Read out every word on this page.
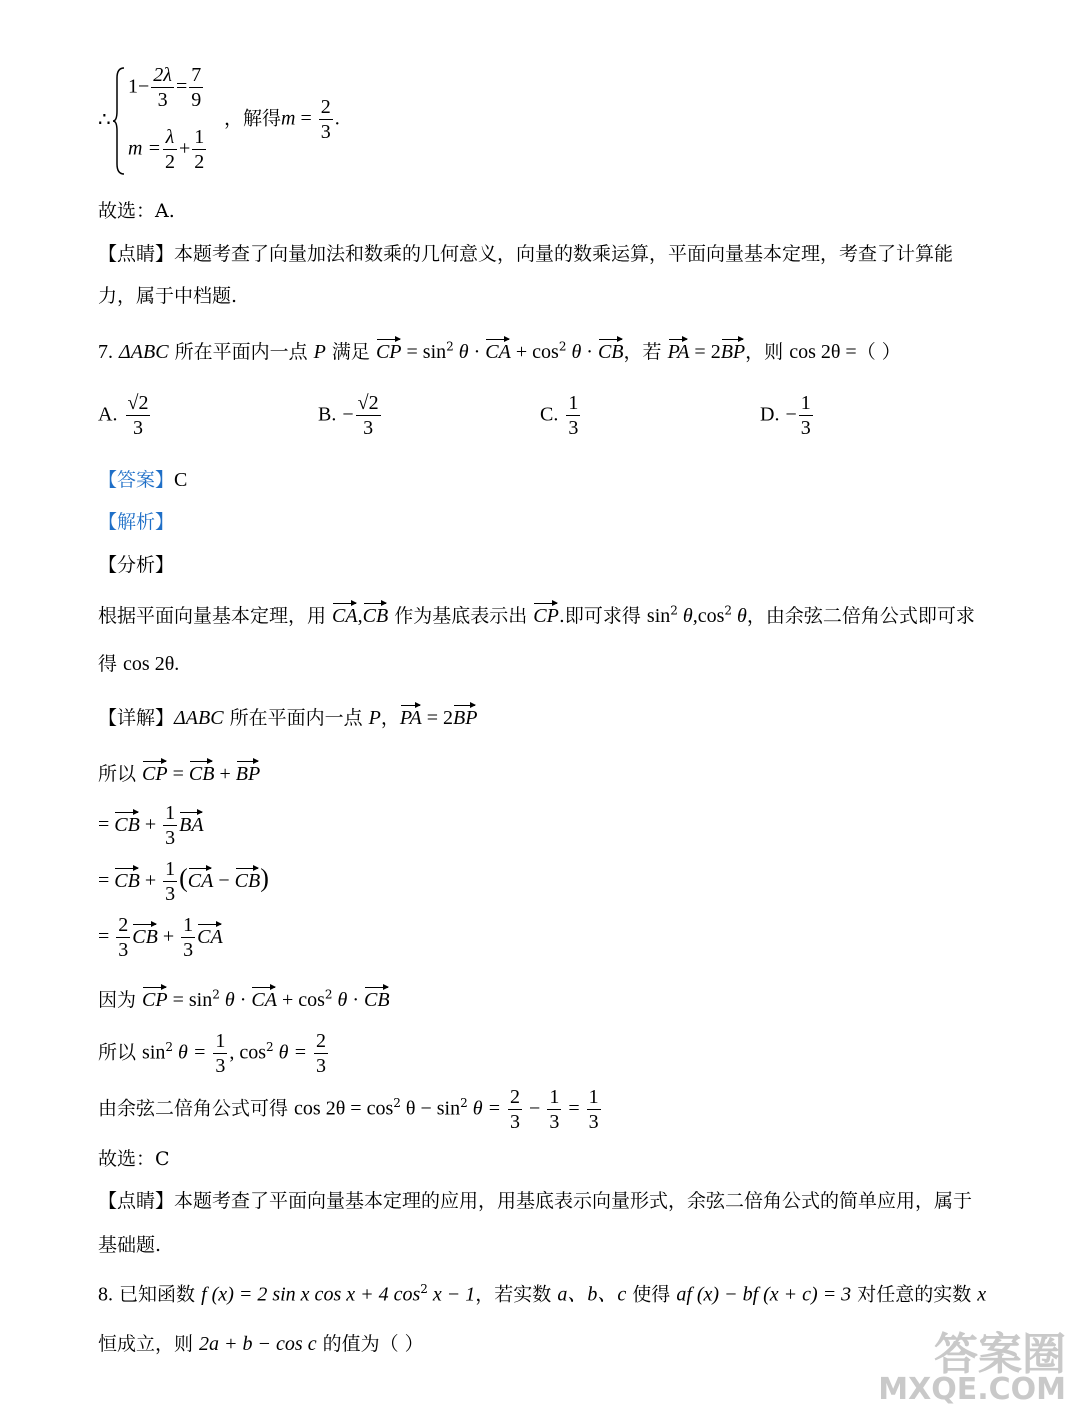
∴
$1- \frac{2\lambda}{3} = \frac{7}{9}$
$m = \frac{\lambda}{2} + \frac{1}{2}$
，解得$m = \frac{2}{3}$ .
故选：A.
【点睛】本题考查了向量加法和数乘的几何意义，向量的数乘运算，平面向量基本定理，考查了计算能
力，属于中档题.
7. ΔABC 所在平面内一点 P 满足 CP = $\sin^2 \theta$ · CA + $\cos^2 \theta$ · CB，若 PA = 2BP，则 cos 2θ =（ ）
A. $\frac{√2}{3}$	B. − $\frac{√2}{3}$	C. $\frac{1}{3}$	D. − $\frac{1}{3}$
【答案】C
【解析】
【分析】
根据平面向量基本定理，用 CA,CB 作为基底表示出 CP.即可求得 $\sin^2 \theta,\cos^2$ θ，由余弦二倍角公式即可求
得 cos 2θ.
【详解】ΔABC 所在平面内一点 P，PA = 2BP
所以 CP = CB + BP
= CB + $\frac{1}{3}$ BA
= CB + $\frac{1}{3} (CA - CB)$
= $\frac{2}{3}$ CB + $\frac{1}{3}$ CA
因为 CP = $\sin^2 \theta$ · CA + $\cos^2 \theta$ · CB
所以 $\sin^2 \theta = \frac{1}{3}$ , $\cos^2 \theta = \frac{2}{3}$
由余弦二倍角公式可得 $\cos 2\theta = \cos^2 \theta - \sin^2 \theta = \frac{2}{3} - \frac{1}{3} = \frac{1}{3}$
故选：C
【点睛】本题考查了平面向量基本定理的应用，用基底表示向量形式，余弦二倍角公式的简单应用，属于
基础题.
8. 已知函数 f (x) = 2 sin x cos x + 4 $\cos^2 x - 1$，若实数 a、b、c 使得 af (x) − bf (x + c) = 3 对任意的实数 x
恒成立，则 2a + b − cos c 的值为（ ）	答案圈
MXQE.COM
